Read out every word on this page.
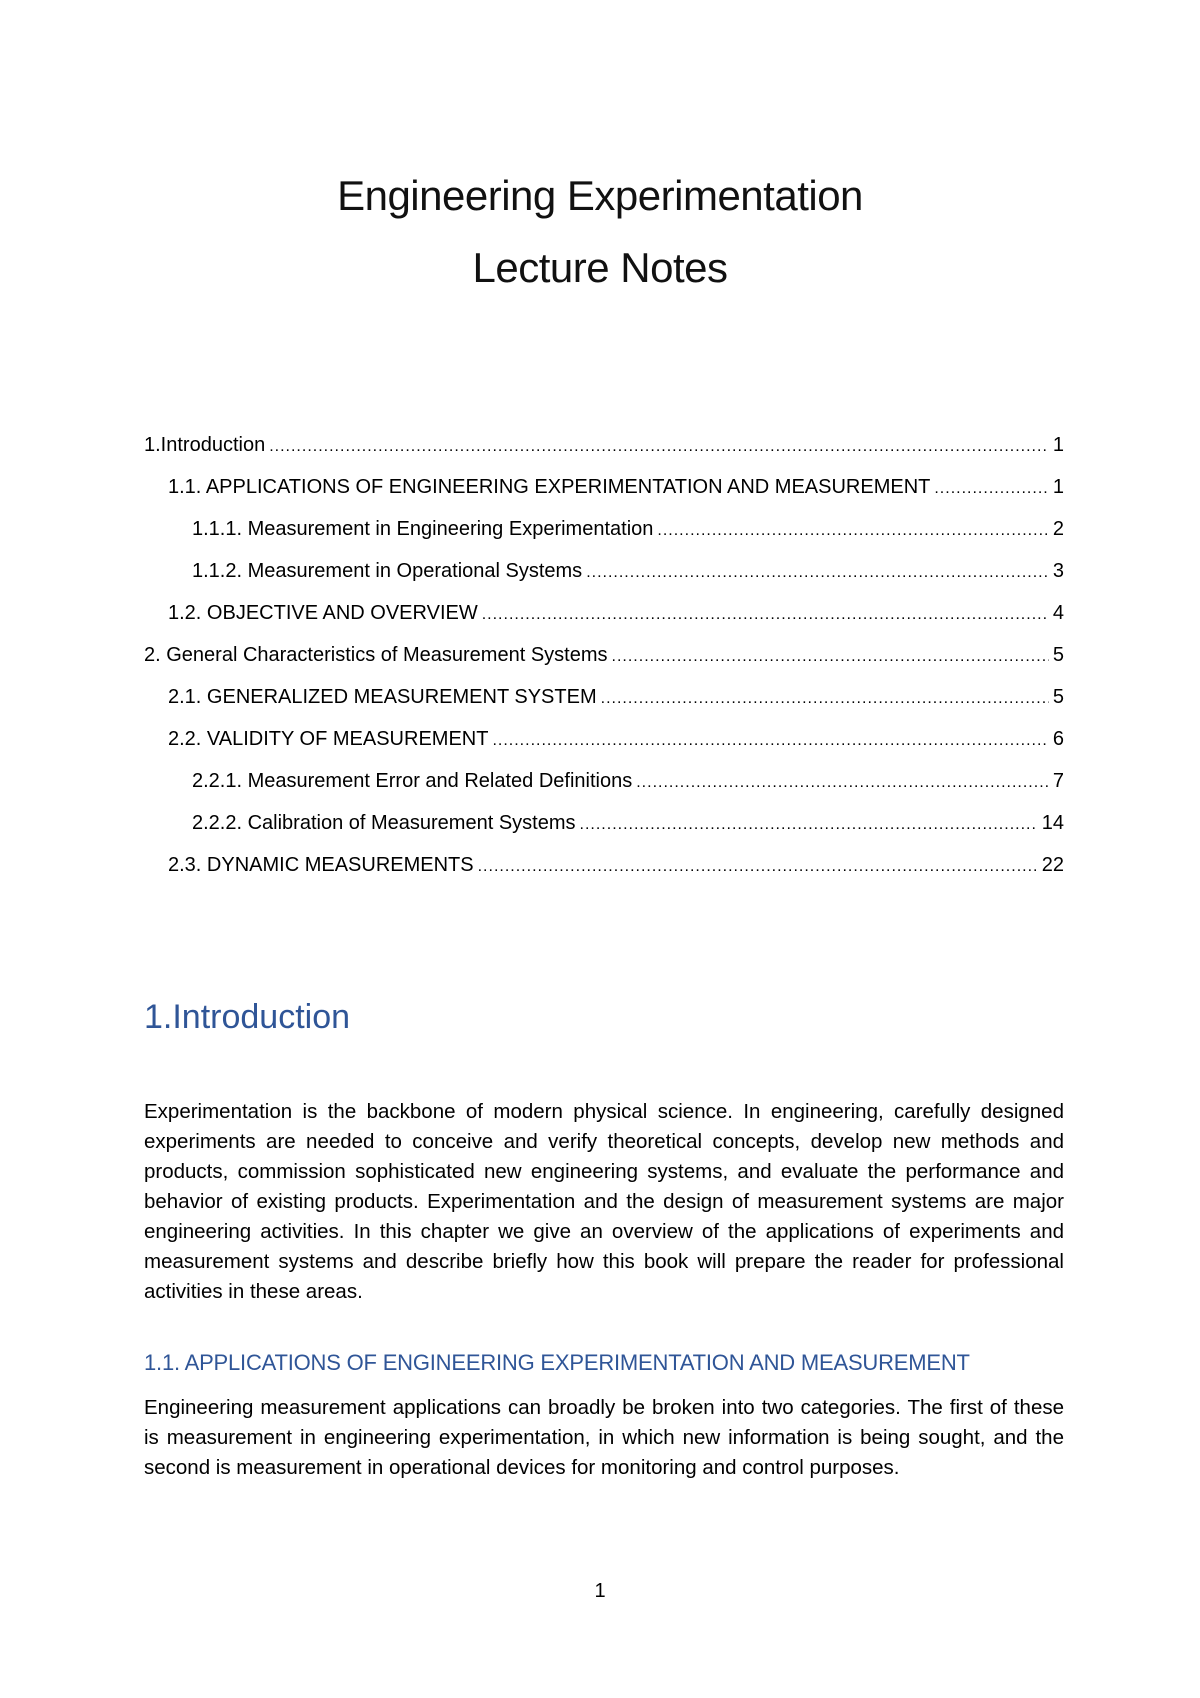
Engineering Experimentation
Lecture Notes
1.Introduction .....	1
1.1. APPLICATIONS OF ENGINEERING EXPERIMENTATION AND MEASUREMENT .....	1
1.1.1. Measurement in Engineering Experimentation .....	2
1.1.2. Measurement in Operational Systems .....	3
1.2. OBJECTIVE AND OVERVIEW .....	4
2. General Characteristics of Measurement Systems .....	5
2.1. GENERALIZED MEASUREMENT SYSTEM .....	5
2.2. VALIDITY OF MEASUREMENT .....	6
2.2.1. Measurement Error and Related Definitions .....	7
2.2.2. Calibration of Measurement Systems .....	14
2.3. DYNAMIC MEASUREMENTS .....	22
1.Introduction

Experimentation is the backbone of modern physical science. In engineering, carefully designed experiments are needed to conceive and verify theoretical concepts, develop new methods and products, commission sophisticated new engineering systems, and evaluate the performance and behavior of existing products. Experimentation and the design of measurement systems are major engineering activities. In this chapter we give an overview of the applications of experiments and measurement systems and describe briefly how this book will prepare the reader for professional activities in these areas.

1.1. APPLICATIONS OF ENGINEERING EXPERIMENTATION AND MEASUREMENT

Engineering measurement applications can broadly be broken into two categories. The first of these is measurement in engineering experimentation, in which new information is being sought, and the second is measurement in operational devices for monitoring and control purposes.

1
